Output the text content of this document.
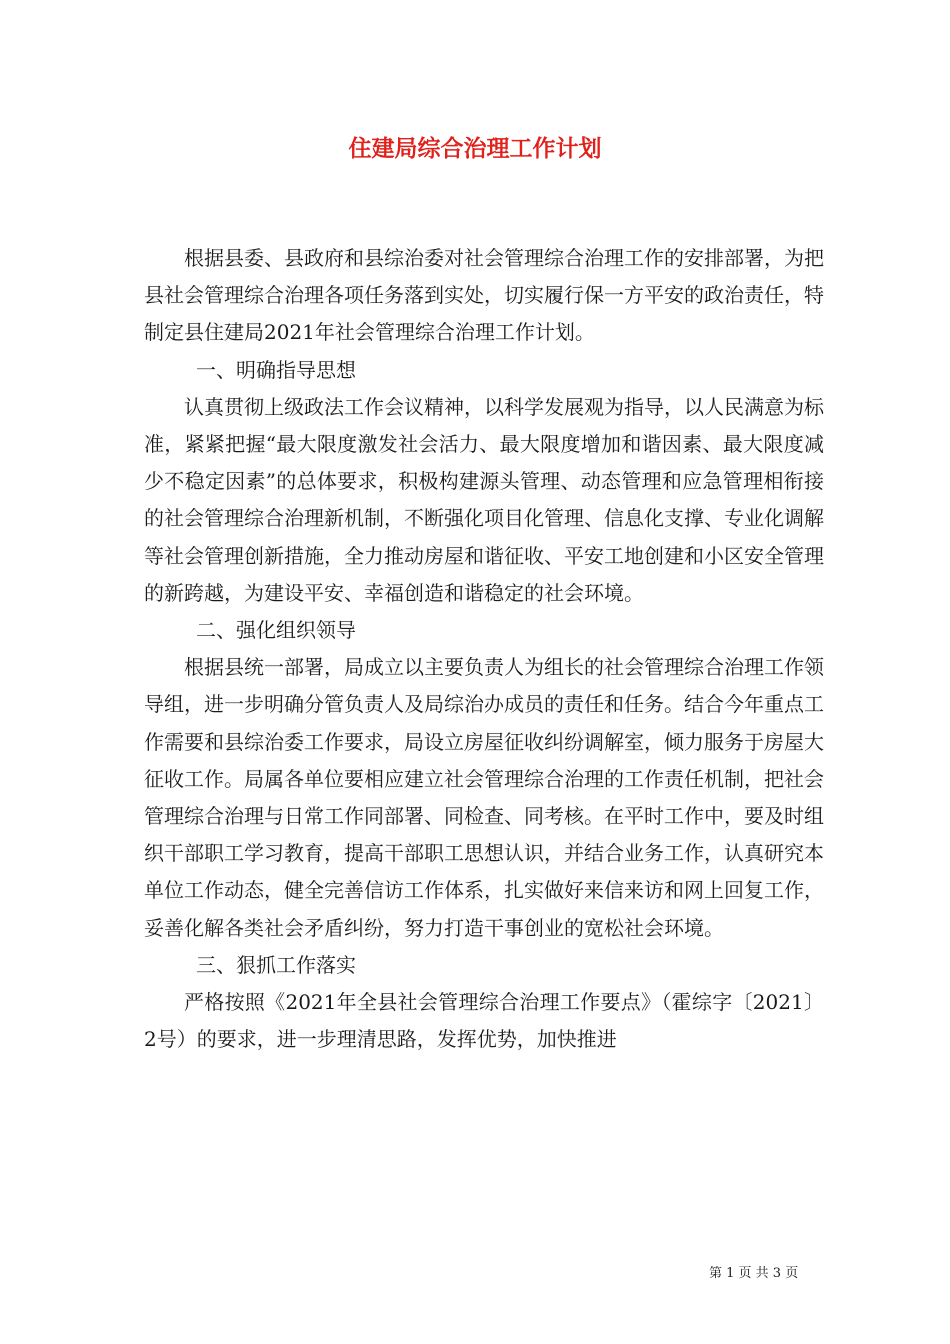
住建局综合治理工作计划

根据县委、县政府和县综治委对社会管理综合治理工作的安排部署，为把县社会管理综合治理各项任务落到实处，切实履行保一方平安的政治责任，特制定县住建局2021年社会管理综合治理工作计划。

一、明确指导思想

认真贯彻上级政法工作会议精神，以科学发展观为指导，以人民满意为标准，紧紧把握“最大限度激发社会活力、最大限度增加和谐因素、最大限度减少不稳定因素”的总体要求，积极构建源头管理、动态管理和应急管理相衔接的社会管理综合治理新机制，不断强化项目化管理、信息化支撑、专业化调解等社会管理创新措施，全力推动房屋和谐征收、平安工地创建和小区安全管理的新跨越，为建设平安、幸福创造和谐稳定的社会环境。

二、强化组织领导

根据县统一部署，局成立以主要负责人为组长的社会管理综合治理工作领导组，进一步明确分管负责人及局综治办成员的责任和任务。结合今年重点工作需要和县综治委工作要求，局设立房屋征收纠纷调解室，倾力服务于房屋大征收工作。局属各单位要相应建立社会管理综合治理的工作责任机制，把社会管理综合治理与日常工作同部署、同检查、同考核。在平时工作中，要及时组织干部职工学习教育，提高干部职工思想认识，并结合业务工作，认真研究本单位工作动态，健全完善信访工作体系，扎实做好来信来访和网上回复工作，妥善化解各类社会矛盾纠纷，努力打造干事创业的宽松社会环境。

三、狠抓工作落实

严格按照《2021年全县社会管理综合治理工作要点》（霍综字〔2021〕2号）的要求，进一步理清思路，发挥优势，加快推进

第 1 页 共 3 页
